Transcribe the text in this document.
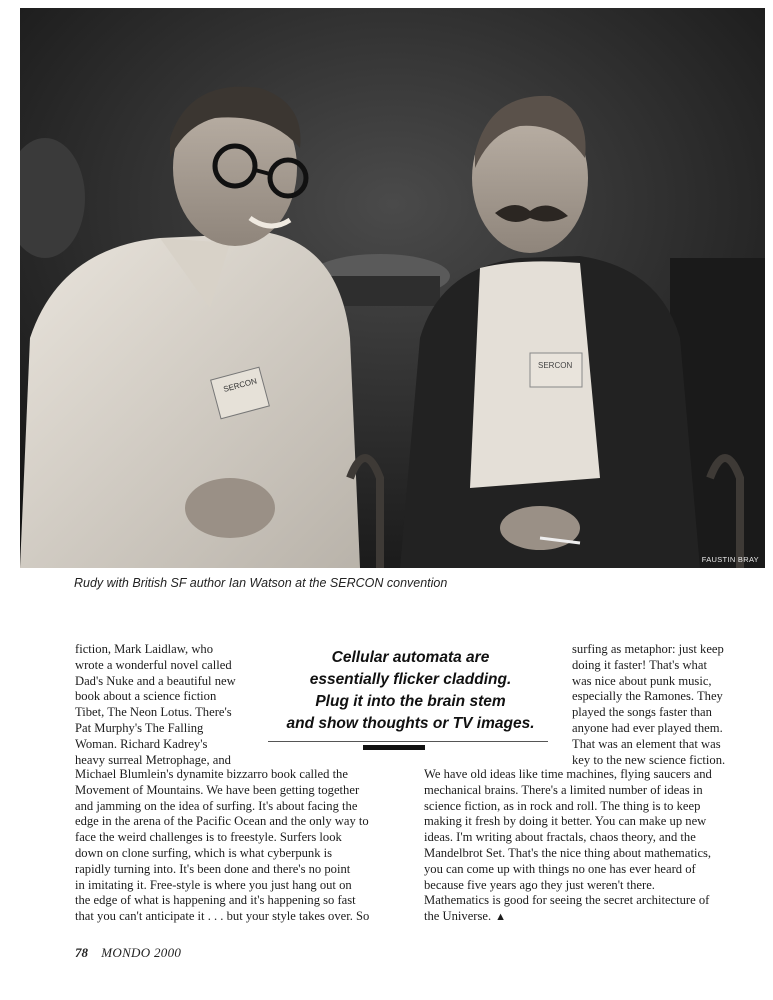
SERCON
SERCON
FAUSTIN BRAY
Rudy with British SF author Ian Watson at the SERCON convention
fiction, Mark Laidlaw, who
wrote a wonderful novel called
Dad's Nuke and a beautiful new
book about a science fiction
Tibet, The Neon Lotus. There's
Pat Murphy's The Falling
Woman. Richard Kadrey's
heavy surreal Metrophage, and
Cellular automata are
essentially flicker cladding.
Plug it into the brain stem
and show thoughts or TV images.
surfing as metaphor: just keep
doing it faster! That's what
was nice about punk music,
especially the Ramones. They
played the songs faster than
anyone had ever played them.
That was an element that was
key to the new science fiction.
Michael Blumlein's dynamite bizzarro book called the
Movement of Mountains. We have been getting together
and jamming on the idea of surfing. It's about facing the
edge in the arena of the Pacific Ocean and the only way to
face the weird challenges is to freestyle. Surfers look
down on clone surfing, which is what cyberpunk is
rapidly turning into. It's been done and there's no point
in imitating it. Free-style is where you just hang out on
the edge of what is happening and it's happening so fast
that you can't anticipate it . . . but your style takes over. So
We have old ideas like time machines, flying saucers and
mechanical brains. There's a limited number of ideas in
science fiction, as in rock and roll. The thing is to keep
making it fresh by doing it better. You can make up new
ideas. I'm writing about fractals, chaos theory, and the
Mandelbrot Set. That's the nice thing about mathematics,
you can come up with things no one has ever heard of
because five years ago they just weren't there.
Mathematics is good for seeing the secret architecture of
the Universe. ▲
78 MONDO 2000
